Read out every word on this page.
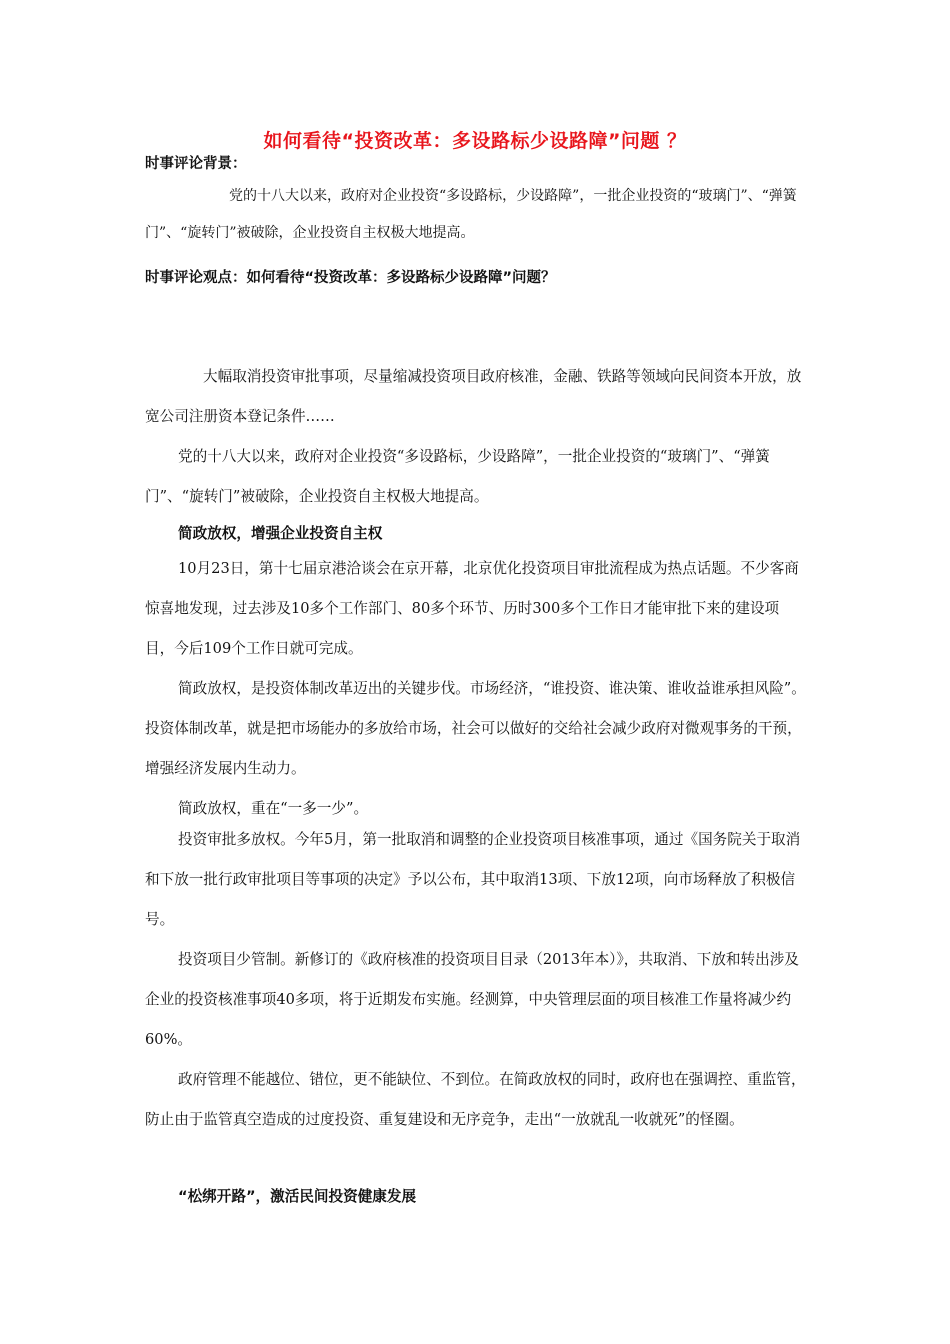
如何看待“投资改革：多设路标少设路障”问题 ？
时事评论背景：

党的十八大以来，政府对企业投资“多设路标，少设路障”，一批企业投资的“玻璃门”、“弹簧门”、“旋转门”被破除，企业投资自主权极大地提高。

时事评论观点：如何看待“投资改革：多设路标少设路障”问题？

大幅取消投资审批事项，尽量缩减投资项目政府核准，金融、铁路等领域向民间资本开放，放宽公司注册资本登记条件……

党的十八大以来，政府对企业投资“多设路标，少设路障”，一批企业投资的“玻璃门”、“弹簧门”、“旋转门”被破除，企业投资自主权极大地提高。

简政放权，增强企业投资自主权

10月23日，第十七届京港洽谈会在京开幕，北京优化投资项目审批流程成为热点话题。不少客商惊喜地发现，过去涉及10多个工作部门、80多个环节、历时300多个工作日才能审批下来的建设项目，今后109个工作日就可完成。

简政放权，是投资体制改革迈出的关键步伐。市场经济，“谁投资、谁决策、谁收益谁承担风险”。投资体制改革，就是把市场能办的多放给市场，社会可以做好的交给社会减少政府对微观事务的干预，增强经济发展内生动力。

简政放权，重在“一多一少”。

投资审批多放权。今年5月，第一批取消和调整的企业投资项目核准事项，通过《国务院关于取消和下放一批行政审批项目等事项的决定》予以公布，其中取消13项、下放12项，向市场释放了积极信号。

投资项目少管制。新修订的《政府核准的投资项目目录（2013年本）》，共取消、下放和转出涉及企业的投资核准事项40多项，将于近期发布实施。经测算，中央管理层面的项目核准工作量将减少约60%。

政府管理不能越位、错位，更不能缺位、不到位。在简政放权的同时，政府也在强调控、重监管，防止由于监管真空造成的过度投资、重复建设和无序竞争，走出“一放就乱一收就死”的怪圈。

“松绑开路”，激活民间投资健康发展
